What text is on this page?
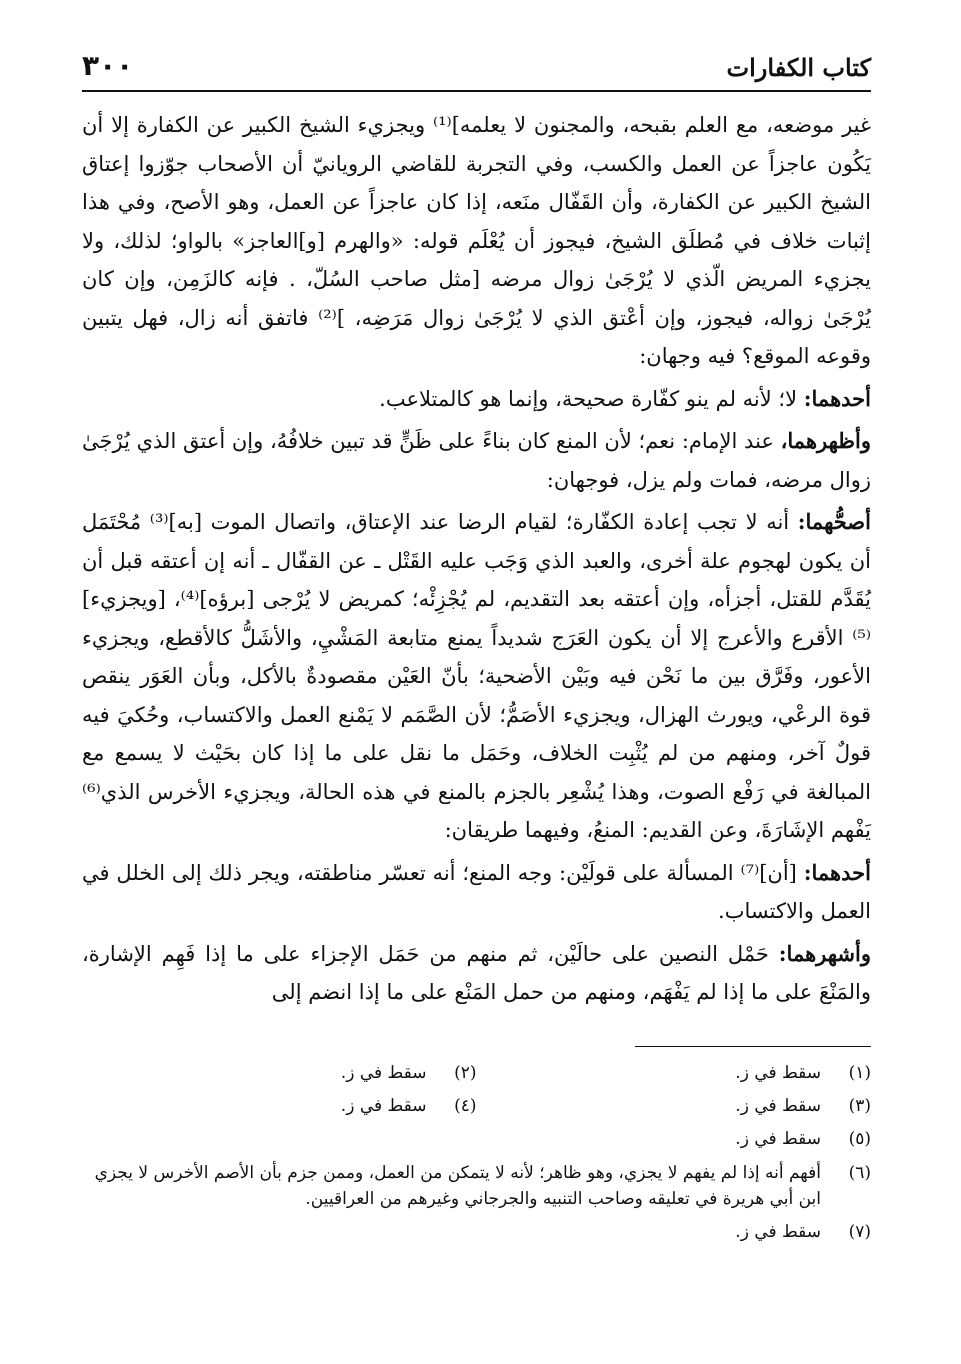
كتاب الكفارات
٣٠٠

غير موضعه، مع العلم بقبحه، والمجنون لا يعلمه]⁽¹⁾ ويجزيء الشيخ الكبير عن الكفارة إلا أن يَكُون عاجزاً عن العمل والكسب، وفي التجربة للقاضي الرويانيّ أن الأصحاب جوّزوا إعتاق الشيخ الكبير عن الكفارة، وأن القَفّال منَعه، إذا كان عاجزاً عن العمل، وهو الأصح، وفي هذا إثبات خلاف في مُطلَق الشيخ، فيجوز أن يُعْلَم قوله: «والهرم [و]العاجز» بالواو؛ لذلك، ولا يجزيء المريض الّذي لا يُرْجَىٰ زوال مرضه [مثل صاحب السُلّ، . فإنه كالزَمِن، وإن كان يُرْجَىٰ زواله، فيجوز، وإن أعْتق الذي لا يُرْجَىٰ زوال مَرَضِه، ]⁽²⁾ فاتفق أنه زال، فهل يتبين وقوعه الموقع؟ فيه وجهان:

أحدهما: لا؛ لأنه لم ينو كفّارة صحيحة، وإنما هو كالمتلاعب.

وأظهرهما، عند الإمام: نعم؛ لأن المنع كان بناءً على ظَنٍّ قد تبين خلافُهُ، وإن أعتق الذي يُرْجَىٰ زوال مرضه، فمات ولم يزل، فوجهان:

أصحُّهما: أنه لا تجب إعادة الكفّارة؛ لقيام الرضا عند الإعتاق، واتصال الموت [به]⁽³⁾ مُحْتَمَل أن يكون لهجوم علة أخرى، والعبد الذي وَجَب عليه القَتْل ـ عن القفّال ـ أنه إن أعتقه قبل أن يُقَدَّم للقتل، أجزأه، وإن أعتقه بعد التقديم، لم يُجْزِئْه؛ كمريض لا يُرْجى [برؤه]⁽⁴⁾، [ويجزيء]⁽⁵⁾ الأقرع والأعرج إلا أن يكون العَرَج شديداً يمنع متابعة المَشْيِ، والأشَلُّ كالأقطع، ويجزيء الأعور، وفَرَّق بين ما نَحْن فيه وبَيْن الأضحية؛ بأنّ العَيْن مقصودةٌ بالأكل، وبأن العَوَر ينقص قوة الرعْي، ويورث الهزال، ويجزيء الأصَمُّ؛ لأن الصَّمَم لا يَمْنع العمل والاكتساب، وحُكيَ فيه قولٌ آخر، ومنهم من لم يُثْبِت الخلاف، وحَمَل ما نقل على ما إذا كان بحَيْث لا يسمع مع المبالغة في رَفْع الصوت، وهذا يُشْعِر بالجزم بالمنع في هذه الحالة، ويجزيء الأخرس الذي⁽⁶⁾ يَفْهم الإشَارَةَ، وعن القديم: المنعُ، وفيهما طريقان:

أحدهما: [أن]⁽⁷⁾ المسألة على قولَيْن: وجه المنع؛ أنه تعسّر مناطقته، ويجر ذلك إلى الخلل في العمل والاكتساب.

وأشهرهما: حَمْل النصين على حالَيْن، ثم منهم من حَمَل الإجزاء على ما إذا فَهِم الإشارة، والمَنْعَ على ما إذا لم يَفْهَم، ومنهم من حمل المَنْع على ما إذا انضم إلى

(١)
سقط في ز.
(٢)
سقط في ز.
(٣)
سقط في ز.
(٤)
سقط في ز.
(٥)
سقط في ز.
(٦)
أفهم أنه إذا لم يفهم لا يجزي، وهو ظاهر؛ لأنه لا يتمكن من العمل، وممن جزم بأن الأصم الأخرس لا يجزي ابن أبي هريرة في تعليقه وصاحب التنبيه والجرجاني وغيرهم من العراقيين.
(٧)
سقط في ز.
